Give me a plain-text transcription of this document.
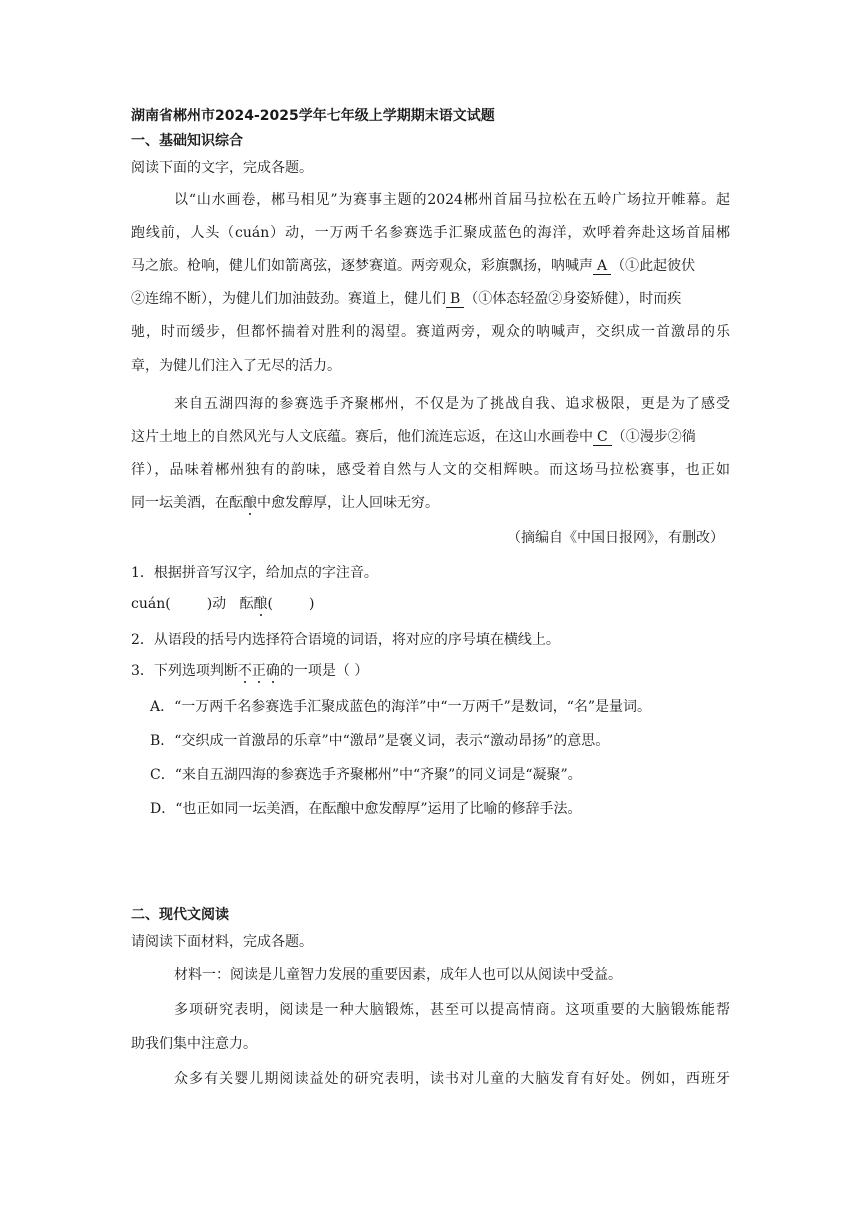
湖南省郴州市2024-2025学年七年级上学期期末语文试题
一、基础知识综合
阅读下面的文字，完成各题。
以“山水画卷，郴马相见”为赛事主题的2024郴州首届马拉松在五岭广场拉开帷幕。起
跑线前，人头（cuán）动，一万两千名参赛选手汇聚成蓝色的海洋，欢呼着奔赴这场首届郴
马之旅。枪响，健儿们如箭离弦，逐梦赛道。两旁观众，彩旗飘扬，呐喊声 A （①此起彼伏
②连绵不断），为健儿们加油鼓劲。赛道上，健儿们 B （①体态轻盈②身姿矫健），时而疾
驰，时而缓步，但都怀揣着对胜利的渴望。赛道两旁，观众的呐喊声，交织成一首激昂的乐
章，为健儿们注入了无尽的活力。
来自五湖四海的参赛选手齐聚郴州，不仅是为了挑战自我、追求极限，更是为了感受
这片土地上的自然风光与人文底蕴。赛后，他们流连忘返，在这山水画卷中 C （①漫步②徜
徉），品味着郴州独有的韵味，感受着自然与人文的交相辉映。而这场马拉松赛事，也正如
同一坛美酒，在酝酿中愈发醇厚，让人回味无穷。
（摘编自《中国日报网》，有删改）
1．根据拼音写汉字，给加点的字注音。
cuán(	)动 酝酿(	)
2．从语段的括号内选择符合语境的词语，将对应的序号填在横线上。
3．下列选项判断不正确的一项是（ ）
A．“一万两千名参赛选手汇聚成蓝色的海洋”中“一万两千”是数词，“名”是量词。
B．“交织成一首激昂的乐章”中“激昂”是褒义词，表示“激动昂扬”的意思。
C．“来自五湖四海的参赛选手齐聚郴州”中“齐聚”的同义词是“凝聚”。
D．“也正如同一坛美酒，在酝酿中愈发醇厚”运用了比喻的修辞手法。
二、现代文阅读
请阅读下面材料，完成各题。
材料一：阅读是儿童智力发展的重要因素，成年人也可以从阅读中受益。
多项研究表明，阅读是一种大脑锻炼，甚至可以提高情商。这项重要的大脑锻炼能帮
助我们集中注意力。
众多有关婴儿期阅读益处的研究表明，读书对儿童的大脑发育有好处。例如，西班牙
